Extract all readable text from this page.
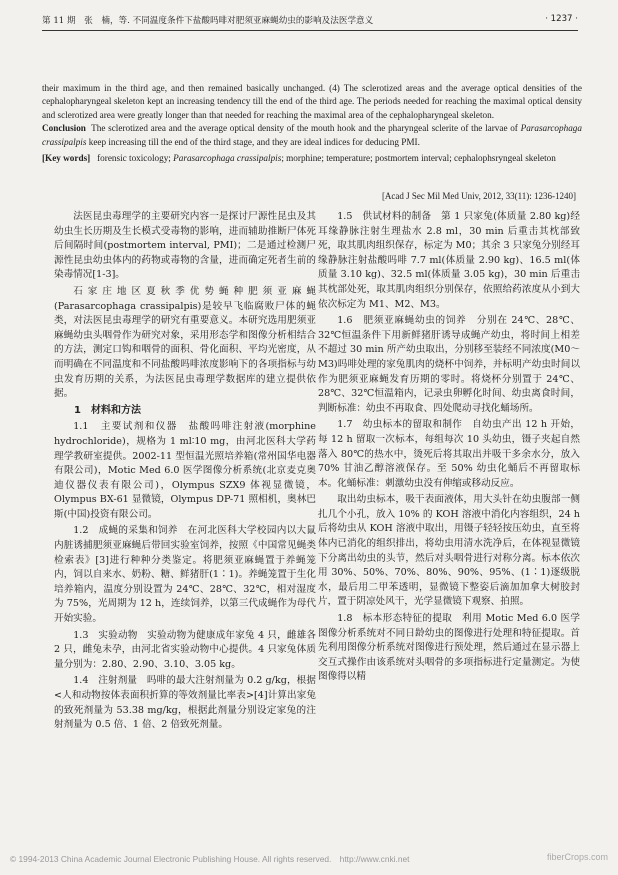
第 11 期　张　楠，等. 不同温度条件下盐酸吗啡对肥须亚麻蝇幼虫的影响及法医学意义	· 1237 ·

their maximum in the third age, and then remained basically unchanged. (4) The sclerotized areas and the average optical densities of the cephalopharyngeal skeleton kept an increasing tendency till the end of the third age. The periods needed for reaching the maximal optical density and sclerotized area were greatly longer than that needed for reaching the maximal area of the cephalopharyngeal skeleton.

Conclusion The sclerotized area and the average optical density of the mouth hook and the pharyngeal sclerite of the larvae of Parasarcophaga crassipalpis keep increasing till the end of the third stage, and they are ideal indices for deducing PMI.

[Key words] forensic toxicology; Parasarcophaga crassipalpis; morphine; temperature; postmortem interval; cephalophsryngeal skeleton
[Acad J Sec Mil Med Univ, 2012, 33(11): 1236-1240]

法医昆虫毒理学的主要研究内容一是探讨尸源性昆虫及其幼虫生长历期及生长模式受毒物的影响，进而辅助推断尸体死后间隔时间(postmortem interval, PMI)；二是通过检测尸源性昆虫幼虫体内的药物或毒物的含量，进而确定死者生前的染毒情况[1-3]。

石家庄地区夏秋季优势蝇种肥须亚麻蝇(Parasarcophaga crassipalpis)是较早飞临腐败尸体的蝇类，对法医昆虫毒理学的研究有重要意义。本研究选用肥须亚麻蝇幼虫头咽骨作为研究对象，采用形态学和图像分析相结合的方法，测定口钩和咽骨的面积、骨化面积、平均光密度，从而明确在不同温度和不同盐酸吗啡浓度影响下的各项指标与幼虫发育历期的关系，为法医昆虫毒理学数据库的建立提供依据。

1　材料和方法

1.1　主要试剂和仪器　盐酸吗啡注射液(morphine hydrochloride)，规格为 1 ml∶10 mg，由河北医科大学药理学教研室提供。2002-11 型恒温光照培养箱(常州国华电器有限公司)，Motic Med 6.0 医学图像分析系统(北京麦克奥迪仪器仪表有限公司)，Olympus SZX9 体视显微镜，Olympus BX-61 显微镜，Olympus DP-71 照相机，奥林巴斯(中国)投资有限公司。

1.2　成蝇的采集和饲养　在河北医科大学校园内以大鼠内脏诱捕肥须亚麻蝇后带回实验室饲养，按照《中国常见蝇类检索表》[3]进行种种分类鉴定。将肥须亚麻蝇置于养蝇笼内，饲以自来水、奶粉、糖、鲜猪肝(1∶1)。养蝇笼置于生化培养箱内，温度分别设置为 24℃、28℃、32℃，相对湿度为 75%，光周期为 12 h，连续饲养，以第三代成蝇作为母代开始实验。

1.3　实验动物　实验动物为健康成年家兔 4 只，雌雄各 2 只，雌兔未孕，由河北省实验动物中心提供。4 只家兔体质量分别为：2.80、2.90、3.10、3.05 kg。

1.4　注射剂量　吗啡的最大注射剂量为 0.2 g/kg，根据<人和动物按体表面积折算的等效剂量比率表>[4]计算出家兔的致死剂量为 53.38 mg/kg，根据此剂量分别设定家兔的注射剂量为 0.5 倍、1 倍、2 倍致死剂量。

1.5　供试材料的制备　第 1 只家兔(体质量 2.80 kg)经耳缘静脉注射生理盐水 2.8 ml，30 min 后重击其枕部致死，取其肌肉组织保存，标定为 M0；其余 3 只家兔分别经耳缘静脉注射盐酸吗啡 7.7 ml(体质量 2.90 kg)、16.5 ml(体质量 3.10 kg)、32.5 ml(体质量 3.05 kg)，30 min 后重击其枕部处死，取其肌肉组织分别保存，依照给药浓度从小到大依次标定为 M1、M2、M3。

1.6　肥须亚麻蝇幼虫的饲养　分别在 24℃、28℃、32℃恒温条件下用新鲜猪肝诱导成蝇产幼虫，将时间上相差不超过 30 min 所产幼虫取出，分别移至装经不同浓度(M0～M3)吗啡处理的家兔肌肉的烧杯中饲养，并标明产幼虫时间以作为肥须亚麻蝇发育历期的零时。将烧杯分别置于 24℃、28℃、32℃恒温箱内，记录虫卵孵化时间、幼虫离食时间，判断标准：幼虫不再取食、四处爬动寻找化蛹场所。

1.7　幼虫标本的留取和制作　自幼虫产出 12 h 开始，每 12 h 留取一次标本，每组每次 10 头幼虫，镊子夹起自然落入 80℃的热水中，烫死后将其取出并吸干多余水分，放入 70% 甘油乙醇溶液保存。至 50% 幼虫化蛹后不再留取标本。化蛹标准：刺激幼虫没有伸缩或移动反应。

取出幼虫标本，吸干表面液体，用大头针在幼虫腹部一侧扎几个小孔，放入 10% 的 KOH 溶液中消化内容组织，24 h 后将幼虫从 KOH 溶液中取出，用镊子轻轻按压幼虫，直至将体内已消化的组织排出，将幼虫用清水洗净后，在体视显微镜下分离出幼虫的头节，然后对头咽骨进行对称分离。标本依次用 30%、50%、70%、80%、90%、95%、(1∶1)逐级脱水，最后用二甲苯透明，显微镜下整姿后滴加加拿大树胶封片，置于阴凉处风干，光学显微镜下观察、拍照。

1.8　标本形态特征的提取　利用 Motic Med 6.0 医学图像分析系统对不同日龄幼虫的图像进行处理和特征提取。首先利用图像分析系统对图像进行预处理，然后通过在显示器上交互式操作由该系统对头咽骨的多项指标进行定量测定。为使图像得以精

© 1994-2013 China Academic Journal Electronic Publishing House. All rights reserved. http://www.cnki.net	fiberCrops.com
